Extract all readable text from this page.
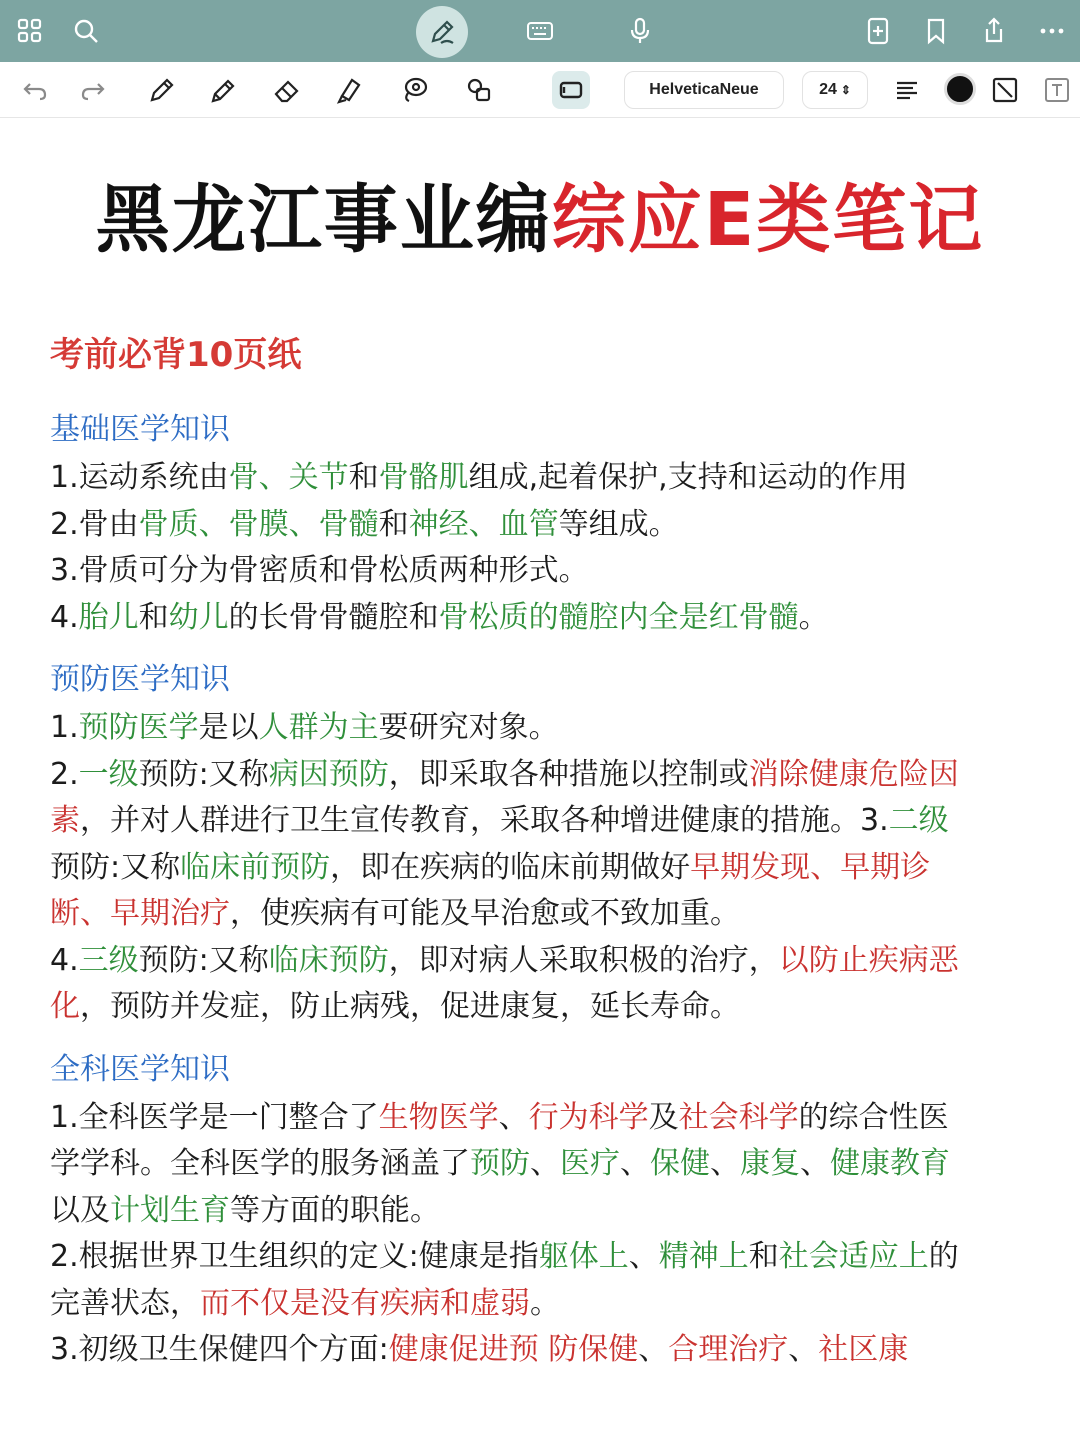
HelveticaNeue	24 ⇕
黑龙江事业编综应E类笔记
考前必背10页纸
基础医学知识
1.运动系统由骨、关节和骨骼肌组成,起着保护,支持和运动的作用
2.骨由骨质、骨膜、骨髓和神经、血管等组成。
3.骨质可分为骨密质和骨松质两种形式。
4.胎儿和幼儿的长骨骨髓腔和骨松质的髓腔内全是红骨髓。
预防医学知识
1.预防医学是以人群为主要研究对象。
2.一级预防:又称病因预防，即采取各种措施以控制或消除健康危险因
素，并对人群进行卫生宣传教育，采取各种增进健康的措施。3.二级
预防:又称临床前预防，即在疾病的临床前期做好早期发现、早期诊
断、早期治疗，使疾病有可能及早治愈或不致加重。
4.三级预防:又称临床预防，即对病人采取积极的治疗，以防止疾病恶
化，预防并发症，防止病残，促进康复，延长寿命。
全科医学知识
1.全科医学是一门整合了生物医学、行为科学及社会科学的综合性医
学学科。全科医学的服务涵盖了预防、医疗、保健、康复、健康教育
以及计划生育等方面的职能。
2.根据世界卫生组织的定义:健康是指躯体上、精神上和社会适应上的
完善状态，而不仅是没有疾病和虚弱。
3.初级卫生保健四个方面:健康促进预 防保健、合理治疗、社区康
